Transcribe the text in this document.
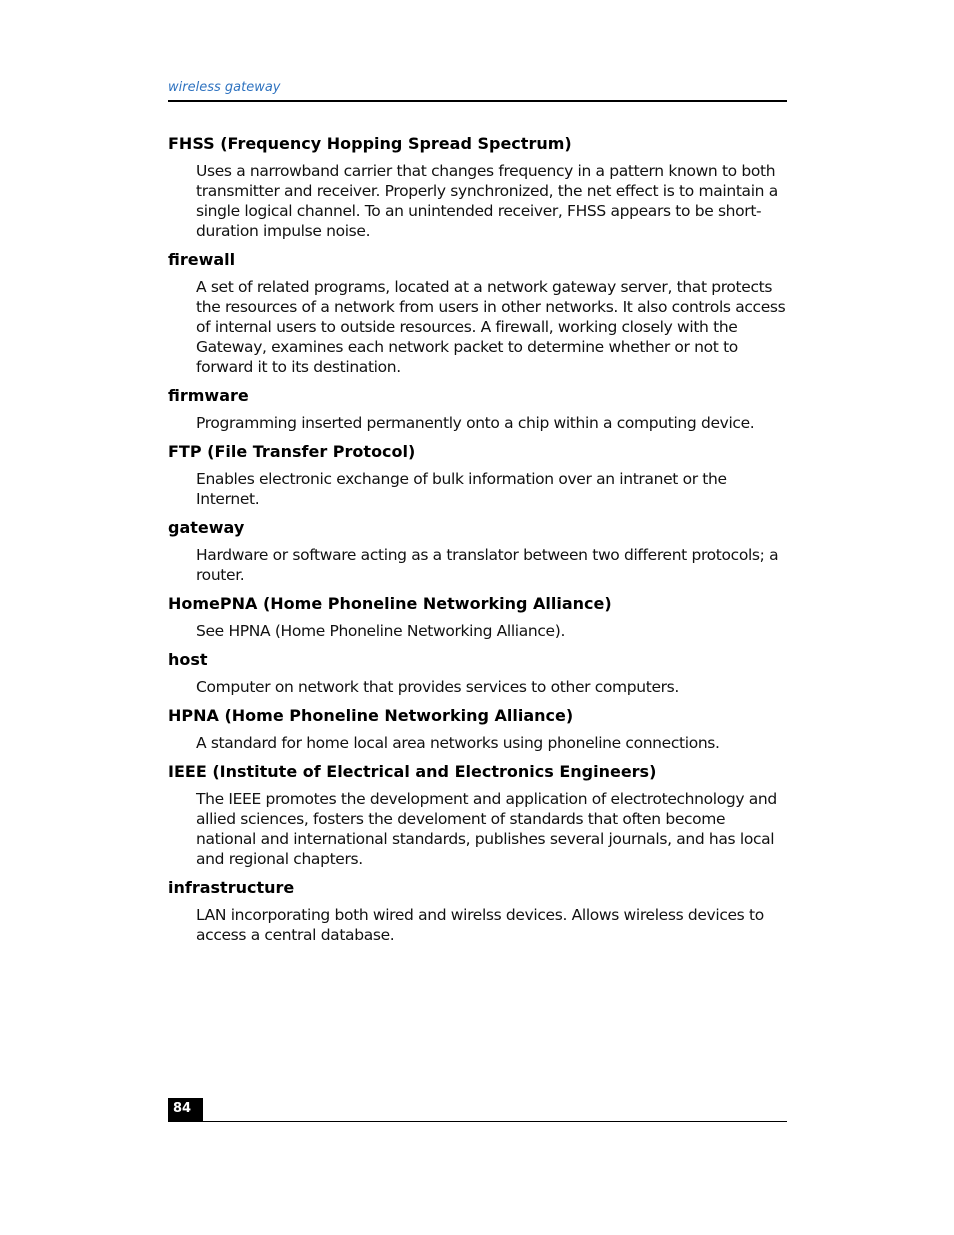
wireless gateway
FHSS (Frequency Hopping Spread Spectrum)
Uses a narrowband carrier that changes frequency in a pattern known to both transmitter and receiver. Properly synchronized, the net effect is to maintain a single logical channel. To an unintended receiver, FHSS appears to be short-duration impulse noise.
firewall
A set of related programs, located at a network gateway server, that protects the resources of a network from users in other networks. It also controls access of internal users to outside resources. A firewall, working closely with the Gateway, examines each network packet to determine whether or not to forward it to its destination.
firmware
Programming inserted permanently onto a chip within a computing device.
FTP (File Transfer Protocol)
Enables electronic exchange of bulk information over an intranet or the Internet.
gateway
Hardware or software acting as a translator between two different protocols; a router.
HomePNA (Home Phoneline Networking Alliance)
See HPNA (Home Phoneline Networking Alliance).
host
Computer on network that provides services to other computers.
HPNA (Home Phoneline Networking Alliance)
A standard for home local area networks using phoneline connections.
IEEE (Institute of Electrical and Electronics Engineers)
The IEEE promotes the development and application of electrotechnology and allied sciences, fosters the develoment of standards that often become national and international standards, publishes several journals, and has local and regional chapters.
infrastructure
LAN incorporating both wired and wirelss devices. Allows wireless devices to access a central database.
84
